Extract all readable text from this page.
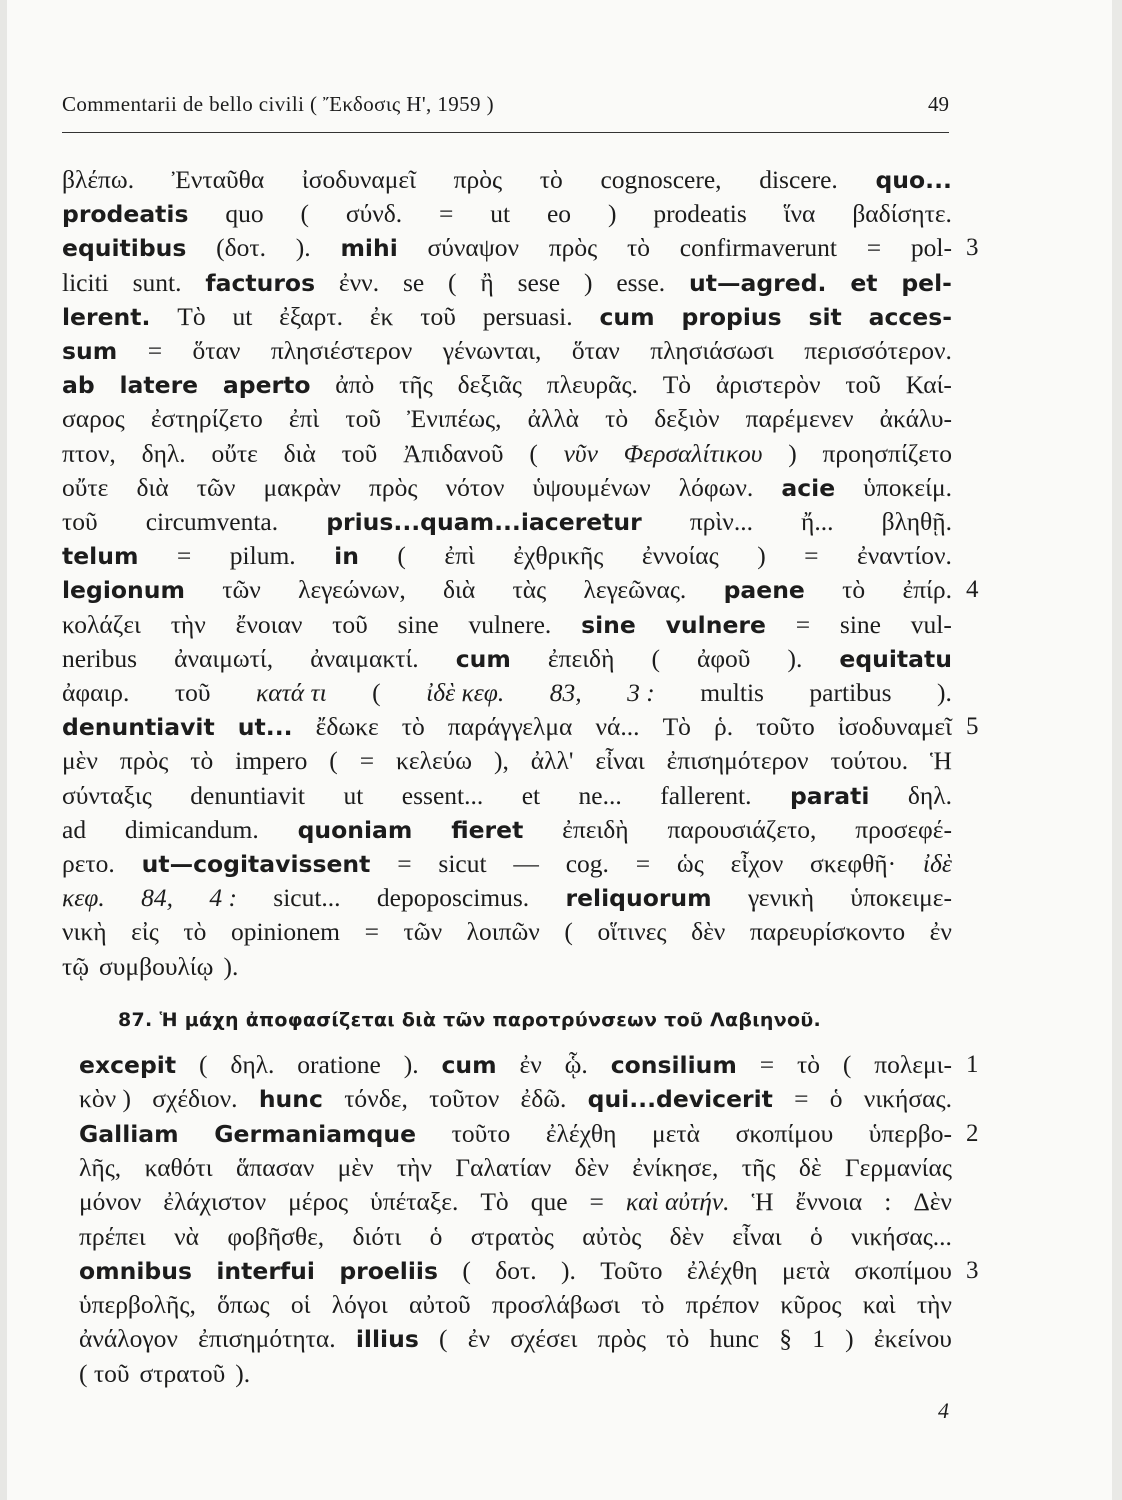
Commentarii de bello civili ( Ἔκδοσις Η', 1959 )	49
βλέπω. Ἐνταῦθα ἰσοδυναμεῖ πρὸς τὸ cognoscere, discere. quo...
prodeatis quo ( σύνδ. = ut eo ) prodeatis ἵνα βαδίσητε.
equitibus (δοτ. ). mihi σύναψον πρὸς τὸ confirmaverunt = pol-
liciti sunt. facturos ἐνν. se ( ἢ sese ) esse. ut—agred. et pel-
lerent. Τὸ ut ἐξαρτ. ἐκ τοῦ persuasi. cum propius sit acces-
sum = ὅταν πλησιέστερον γένωνται, ὅταν πλησιάσωσι περισσότερον.
ab latere aperto ἀπὸ τῆς δεξιᾶς πλευρᾶς. Τὸ ἀριστερὸν τοῦ Καί-
σαρος ἐστηρίζετο ἐπὶ τοῦ Ἐνιπέως, ἀλλὰ τὸ δεξιὸν παρέμενεν ἀκάλυ-
πτον, δηλ. οὔτε διὰ τοῦ Ἀπιδανοῦ ( νῦν Φερσαλίτικου ) προησπίζετο
οὔτε διὰ τῶν μακρὰν πρὸς νότον ὑψουμένων λόφων. acie ὑποκείμ.
τοῦ circumventa. prius...quam...iaceretur πρὶν... ἤ... βληθῇ.
telum = pilum. in ( ἐπὶ ἐχθρικῆς ἐννοίας ) = ἐναντίον.
legionum τῶν λεγεώνων, διὰ τὰς λεγεῶνας. paene τὸ ἐπίρ.
κολάζει τὴν ἔνοιαν τοῦ sine vulnere. sine vulnere = sine vul-
neribus ἀναιμωτί, ἀναιμακτί. cum ἐπειδὴ ( ἀφοῦ ). equitatu
ἀφαιρ. τοῦ κατά τι ( ἰδὲ κεφ. 83, 3 : multis partibus ).
denuntiavit ut... ἔδωκε τὸ παράγγελμα νά... Τὸ ῥ. τοῦτο ἰσοδυναμεῖ
μὲν πρὸς τὸ impero ( = κελεύω ), ἀλλ' εἶναι ἐπισημότερον τούτου. Ἡ
σύνταξις denuntiavit ut essent... et ne... fallerent. parati δηλ.
ad dimicandum. quoniam fieret ἐπειδὴ παρουσιάζετο, προσεφέ-
ρετο. ut—cogitavissent = sicut — cog. = ὡς εἶχον σκεφθῆ· ἰδὲ
κεφ. 84, 4 : sicut... depoposcimus. reliquorum γενικὴ ὑποκειμε-
νικὴ εἰς τὸ opinionem = τῶν λοιπῶν ( οἵτινες δὲν παρευρίσκοντο ἐν
τῷ συμβουλίῳ ).
87. Ἡ μάχη ἀποφασίζεται διὰ τῶν παροτρύνσεων τοῦ Λαβιηνοῦ.
excepit ( δηλ. oratione ). cum ἐν ᾧ. consilium = τὸ ( πολεμι-
κὸν ) σχέδιον. hunc τόνδε, τοῦτον ἐδῶ. qui...devicerit = ὁ νικήσας.
Galliam Germaniamque τοῦτο ἐλέχθη μετὰ σκοπίμου ὑπερβο-
λῆς, καθότι ἅπασαν μὲν τὴν Γαλατίαν δὲν ἐνίκησε, τῆς δὲ Γερμανίας
μόνον ἐλάχιστον μέρος ὑπέταξε. Τὸ que = καὶ αὐτήν. Ἡ ἔννοια : Δὲν
πρέπει νὰ φοβῆσθε, διότι ὁ στρατὸς αὐτὸς δὲν εἶναι ὁ νικήσας...
omnibus interfui proeliis ( δοτ. ). Τοῦτο ἐλέχθη μετὰ σκοπίμου
ὑπερβολῆς, ὅπως οἱ λόγοι αὐτοῦ προσλάβωσι τὸ πρέπον κῦρος καὶ τὴν
ἀνάλογον ἐπισημότητα. illius ( ἐν σχέσει πρὸς τὸ hunc § 1 ) ἐκείνου
( τοῦ στρατοῦ ).
4
3
4
5
1
2
3
